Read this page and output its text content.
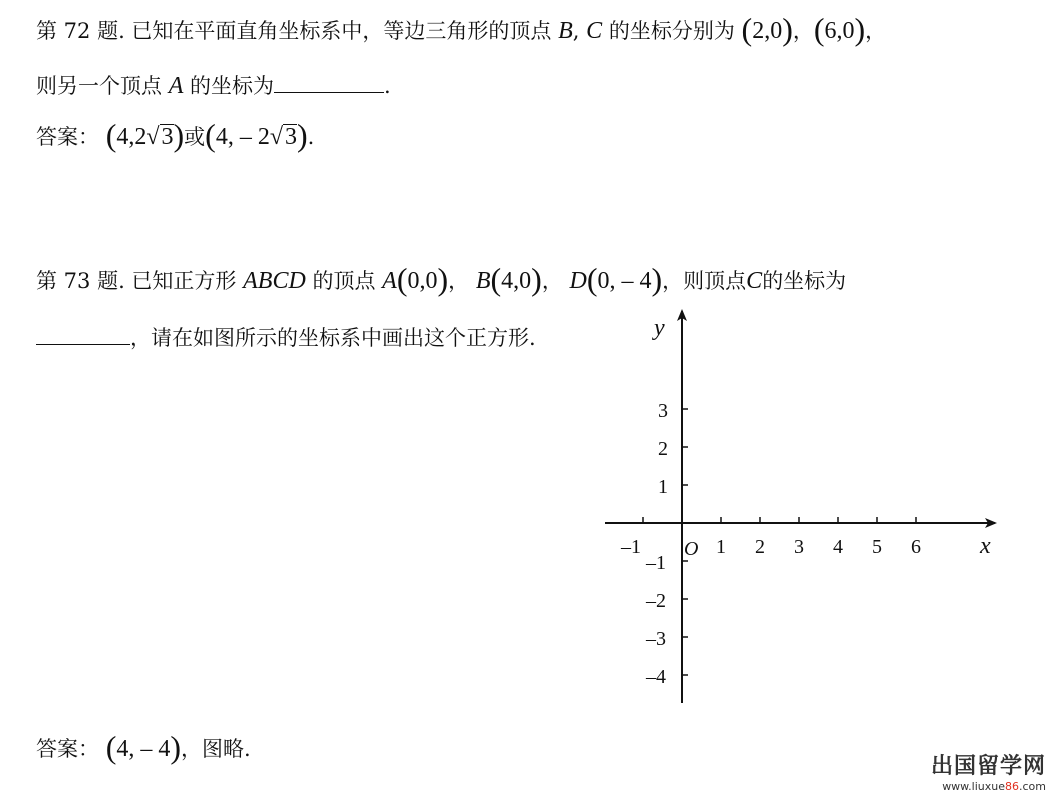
第 72 题. 已知在平面直角坐标系中，等边三角形的顶点 B, C 的坐标分别为 (2,0)，(6,0)，
则另一个顶点 A 的坐标为	.
答案： (4,2√3)或(4, – 2√3).
第 73 题. 已知正方形 ABCD 的顶点 A(0,0)， B(4,0)， D(0, – 4)，则顶点C的坐标为
，请在如图所示的坐标系中画出这个正方形.
–1	1 2 3 4 5 6
3
2
1
–1
–2
–3
–4
x
y
O
答案： (4, – 4)，图略.
出国留学网
www.liuxue86.com
